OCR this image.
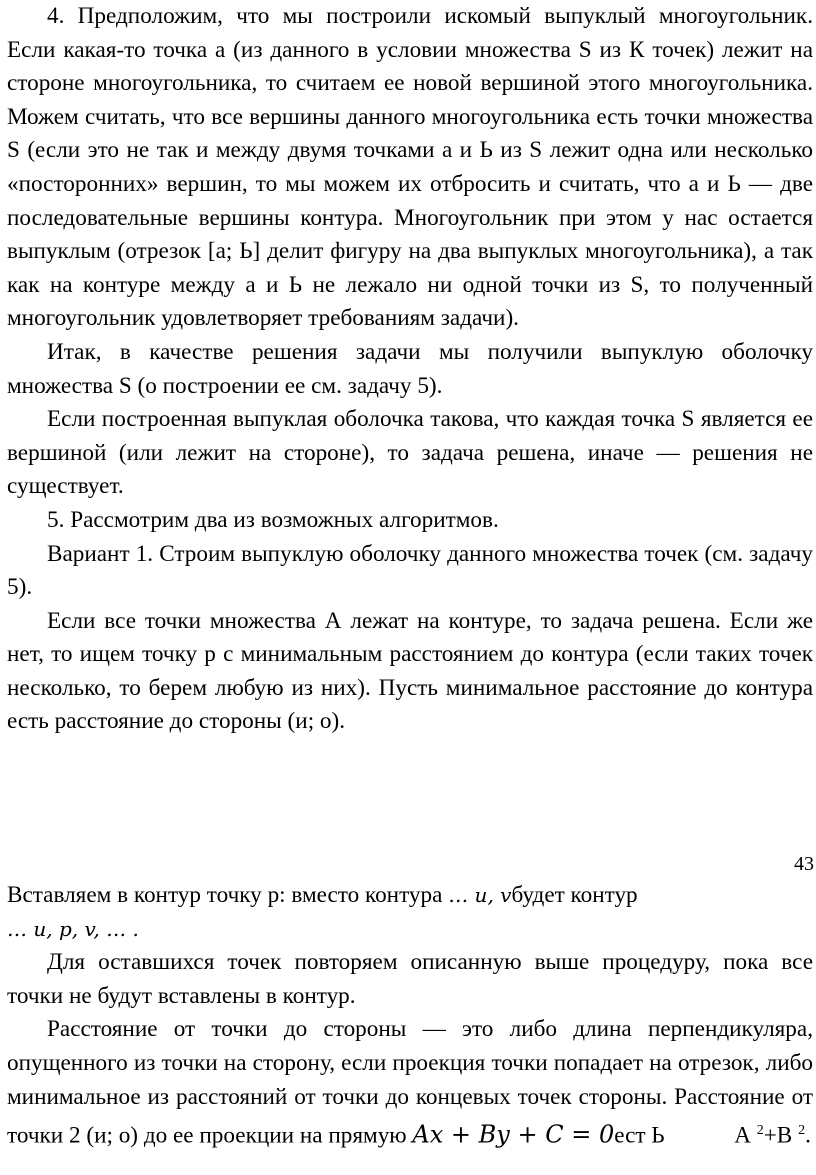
4. Предположим, что мы построили искомый выпуклый многоугольник. Если какая-то точка а (из данного в условии множества S из К точек) лежит на стороне многоугольника, то считаем ее новой вершиной этого многоугольника. Можем считать, что все вершины данного многоугольника есть точки множества S (если это не так и между двумя точками а и Ь из S лежит одна или несколько «посторонних» вершин, то мы можем их отбросить и считать, что а и Ь — две последовательные вершины контура. Многоугольник при этом у нас остается выпуклым (отрезок [а; Ь] делит фигуру на два выпуклых многоугольника), а так как на контуре между а и Ь не лежало ни одной точки из S, то полученный многоугольник удовлетворяет требованиям задачи).

Итак, в качестве решения задачи мы получили выпуклую оболочку множества S (о построении ее см. задачу 5).

Если построенная выпуклая оболочка такова, что каждая точка S является ее вершиной (или лежит на стороне), то задача решена, иначе — решения не существует.

5. Рассмотрим два из возможных алгоритмов.

Вариант 1. Строим выпуклую оболочку данного множества точек (см. задачу 5).

Если все точки множества А лежат на контуре, то задача решена. Если же нет, то ищем точку р с минимальным расстоянием до контура (если таких точек несколько, то берем любую из них). Пусть минимальное расстояние до контура есть расстояние до стороны (и; о).

43

Вставляем в контур точку р: вместо контура … u, vбудет контур
… u, p, v, … .

Для оставшихся точек повторяем описанную выше процедуру, пока все точки не будут вставлены в контур.

Расстояние от точки до стороны — это либо длина перпендикуляра, опущенного из точки на сторону, если проекция точки попадает на отрезок, либо минимальное из расстояний от точки до концевых точек стороны. Расстояние от точки 2 (и; о) до ее проекции на прямую Ax + By + C = 0ест Ь	А $^2$+В $^2$.
